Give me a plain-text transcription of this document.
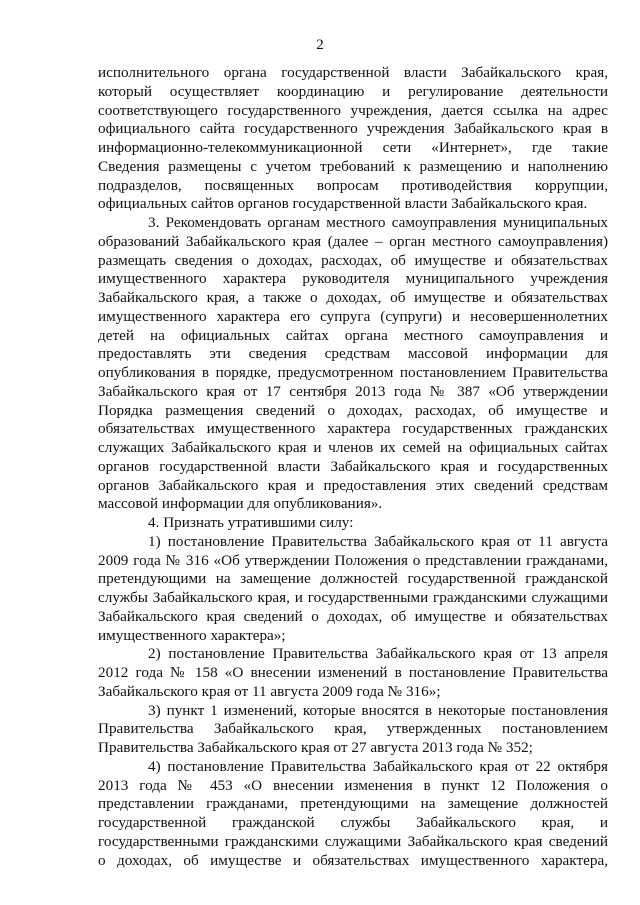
2
исполнительного органа государственной власти Забайкальского края,
который осуществляет координацию и регулирование деятельности
соответствующего государственного учреждения, дается ссылка на адрес
официального сайта государственного учреждения Забайкальского края в
информационно-телекоммуникационной сети «Интернет», где такие
Сведения размещены с учетом требований к размещению и наполнению
подразделов, посвященных вопросам противодействия коррупции,
официальных сайтов органов государственной власти Забайкальского края.
3. Рекомендовать органам местного самоуправления муниципальных
образований Забайкальского края (далее – орган местного самоуправления)
размещать сведения о доходах, расходах, об имуществе и обязательствах
имущественного характера руководителя муниципального учреждения
Забайкальского края, а также о доходах, об имуществе и обязательствах
имущественного характера его супруга (супруги) и несовершеннолетних
детей на официальных сайтах органа местного самоуправления и
предоставлять эти сведения средствам массовой информации для
опубликования в порядке, предусмотренном постановлением Правительства
Забайкальского края от 17 сентября 2013 года № 387 «Об утверждении
Порядка размещения сведений о доходах, расходах, об имуществе и
обязательствах имущественного характера государственных гражданских
служащих Забайкальского края и членов их семей на официальных сайтах
органов государственной власти Забайкальского края и государственных
органов Забайкальского края и предоставления этих сведений средствам
массовой информации для опубликования».
4. Признать утратившими силу:
1) постановление Правительства Забайкальского края от 11 августа
2009 года № 316 «Об утверждении Положения о представлении гражданами,
претендующими на замещение должностей государственной гражданской
службы Забайкальского края, и государственными гражданскими служащими
Забайкальского края сведений о доходах, об имуществе и обязательствах
имущественного характера»;
2) постановление Правительства Забайкальского края от 13 апреля
2012 года № 158 «О внесении изменений в постановление Правительства
Забайкальского края от 11 августа 2009 года № 316»;
3) пункт 1 изменений, которые вносятся в некоторые постановления
Правительства Забайкальского края, утвержденных постановлением
Правительства Забайкальского края от 27 августа 2013 года № 352;
4) постановление Правительства Забайкальского края от 22 октября
2013 года № 453 «О внесении изменения в пункт 12 Положения о
представлении гражданами, претендующими на замещение должностей
государственной гражданской службы Забайкальского края, и
государственными гражданскими служащими Забайкальского края сведений
о доходах, об имуществе и обязательствах имущественного характера,
